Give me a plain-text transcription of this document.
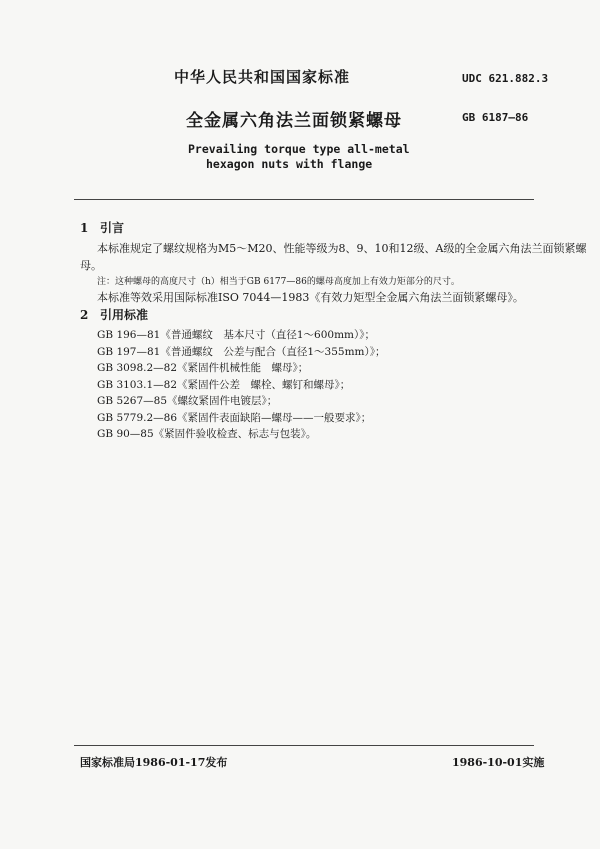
中华人民共和国国家标准	UDC 621.882.3
全金属六角法兰面锁紧螺母	GB 6187—86
Prevailing torque type all-metal
hexagon nuts with flange
1 引言
本标准规定了螺纹规格为M5～M20、性能等级为8、9、10和12级、A级的全金属六角法兰面锁紧螺
母。
注：这种螺母的高度尺寸（h）相当于GB 6177—86的螺母高度加上有效力矩部分的尺寸。
本标准等效采用国际标准ISO 7044—1983《有效力矩型全金属六角法兰面锁紧螺母》。
2 引用标准
GB 196—81《普通螺纹　基本尺寸（直径1～600mm）》；
GB 197—81《普通螺纹　公差与配合（直径1～355mm）》；
GB 3098.2—82《紧固件机械性能　螺母》；
GB 3103.1—82《紧固件公差　螺栓、螺钉和螺母》；
GB 5267—85《螺纹紧固件电镀层》；
GB 5779.2—86《紧固件表面缺陷—螺母——一般要求》；
GB 90—85《紧固件验收检查、标志与包装》。
国家标准局1986-01-17发布	1986-10-01实施
